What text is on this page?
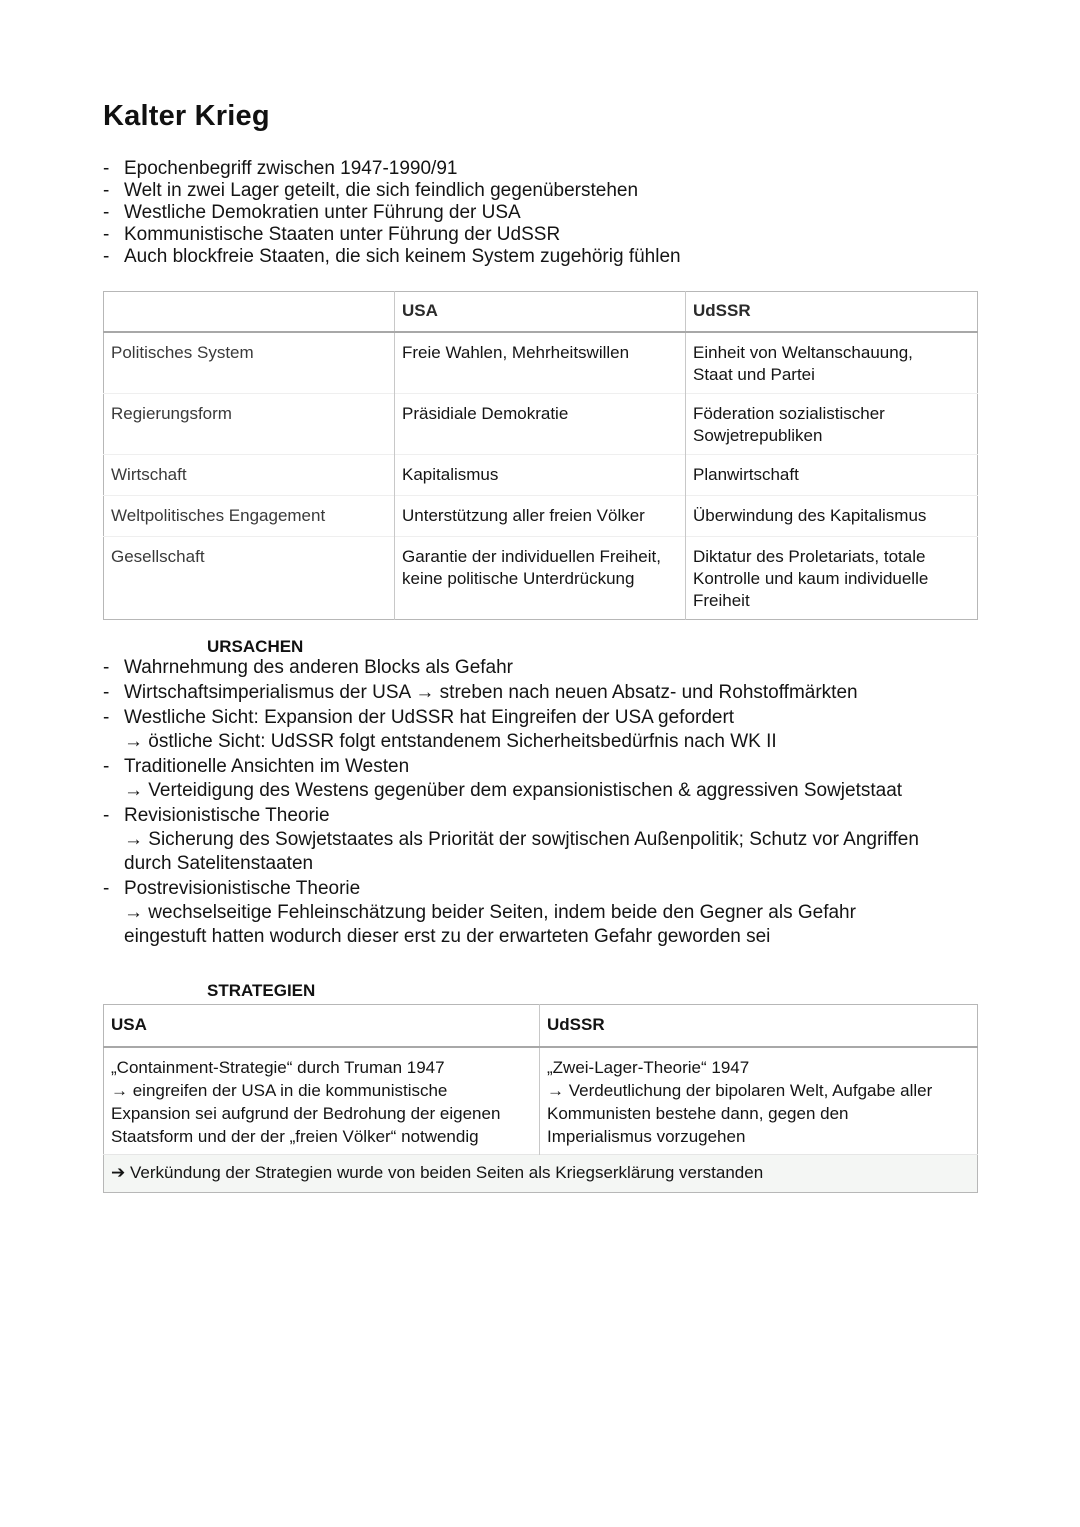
Kalter Krieg
- Epochenbegriff zwischen 1947-1990/91
- Welt in zwei Lager geteilt, die sich feindlich gegenüberstehen
- Westliche Demokratien unter Führung der USA
- Kommunistische Staaten unter Führung der UdSSR
- Auch blockfreie Staaten, die sich keinem System zugehörig fühlen
	USA	UdSSR
Politisches System	Freie Wahlen, Mehrheitswillen	Einheit von Weltanschauung,
Staat und Partei

Regierungsform	Präsidiale Demokratie	Föderation sozialistischer
Sowjetrepubliken

Wirtschaft	Kapitalismus	Planwirtschaft

Weltpolitisches Engagement	Unterstützung aller freien Völker	Überwindung des Kapitalismus

Gesellschaft	Garantie der individuellen Freiheit,
keine politische Unterdrückung	Diktatur des Proletariats, totale
Kontrolle und kaum individuelle
Freiheit
URSACHEN
- Wahrnehmung des anderen Blocks als Gefahr
- Wirtschaftsimperialismus der USA → streben nach neuen Absatz- und Rohstoffmärkten
- Westliche Sicht: Expansion der UdSSR hat Eingreifen der USA gefordert
→ östliche Sicht: UdSSR folgt entstandenem Sicherheitsbedürfnis nach WK II
- Traditionelle Ansichten im Westen
→ Verteidigung des Westens gegenüber dem expansionistischen & aggressiven Sowjetstaat
- Revisionistische Theorie
→ Sicherung des Sowjetstaates als Priorität der sowjtischen Außenpolitik; Schutz vor Angriffen
durch Satelitenstaaten
- Postrevisionistische Theorie
→ wechselseitige Fehleinschätzung beider Seiten, indem beide den Gegner als Gefahr
eingestuft hatten wodurch dieser erst zu der erwarteten Gefahr geworden sei
STRATEGIEN
USA	UdSSR

„Containment-Strategie“ durch Truman 1947
→ eingreifen der USA in die kommunistische
Expansion sei aufgrund der Bedrohung der eigenen
Staatsform und der der „freien Völker“ notwendig	„Zwei-Lager-Theorie“ 1947
→ Verdeutlichung der bipolaren Welt, Aufgabe aller
Kommunisten bestehe dann, gegen den
Imperialismus vorzugehen

➔ Verkündung der Strategien wurde von beiden Seiten als Kriegserklärung verstanden	
